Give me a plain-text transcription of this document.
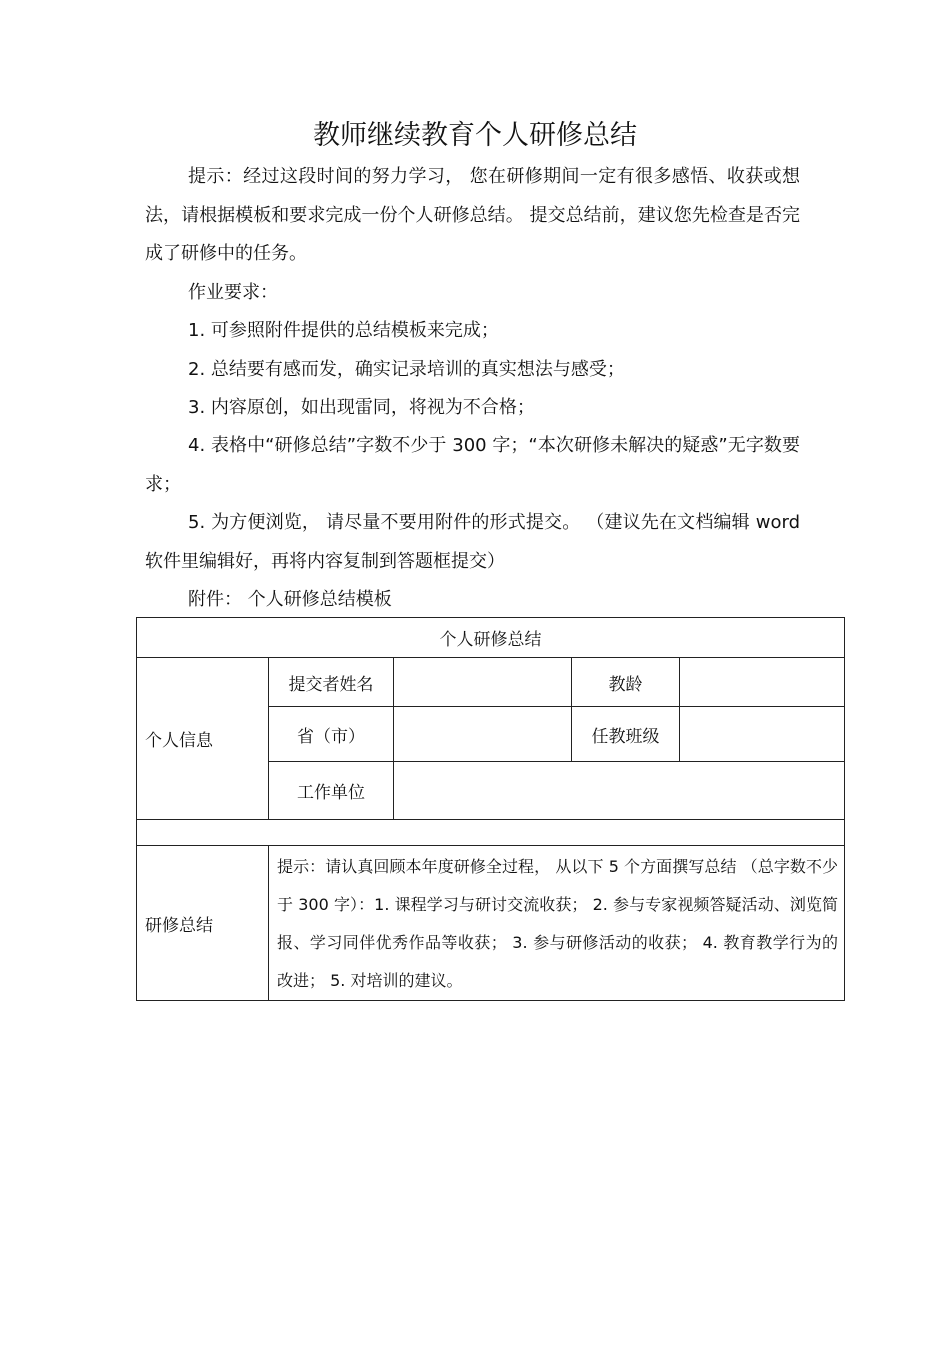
教师继续教育个人研修总结

提示：经过这段时间的努力学习， 您在研修期间一定有很多感悟、收获或想法，请根据模板和要求完成一份个人研修总结。 提交总结前，建议您先检查是否完成了研修中的任务。

作业要求：

1. 可参照附件提供的总结模板来完成；

2. 总结要有感而发，确实记录培训的真实想法与感受；

3. 内容原创，如出现雷同，将视为不合格；

4. 表格中“研修总结”字数不少于 300 字；“本次研修未解决的疑惑”无字数要求；

5. 为方便浏览， 请尽量不要用附件的形式提交。 （建议先在文档编辑 word 软件里编辑好，再将内容复制到答题框提交）

附件： 个人研修总结模板

个人研修总结				
个人信息	提交者姓名		教龄	
	省（市）		任教班级	
	工作单位			

研修总结	提示：请认真回顾本年度研修全过程， 从以下 5 个方面撰写总结 （总字数不少于 300 字）：1. 课程学习与研讨交流收获； 2. 参与专家视频答疑活动、浏览简报、学习同伴优秀作品等收获； 3. 参与研修活动的收获； 4. 教育教学行为的改进； 5. 对培训的建议。			
